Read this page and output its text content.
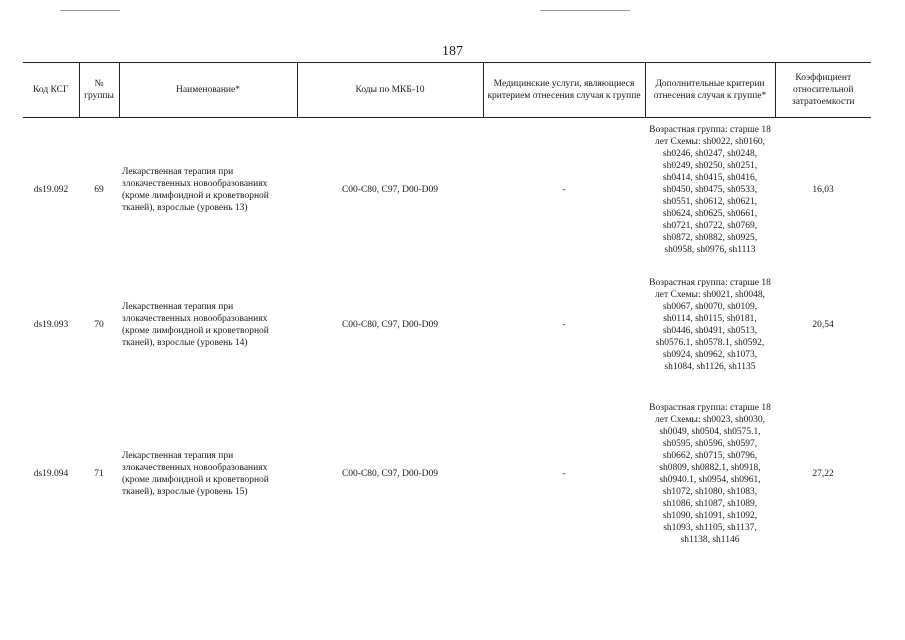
187
Код КСГ	№ группы	Наименование*	Коды по МКБ-10	Медицинские услуги, являющиеся критерием отнесения случая к группе	Дополнительные критерии отнесения случая к группе*	Коэффициент относительной затратоемкости
ds19.092	69	Лекарственная терапия при злокачественных новообразованиях (кроме лимфоидной и кроветворной тканей), взрослые (уровень 13)	C00-C80, C97, D00-D09	-	Возрастная группа: старше 18 лет Схемы: sh0022, sh0160, sh0246, sh0247, sh0248, sh0249, sh0250, sh0251, sh0414, sh0415, sh0416, sh0450, sh0475, sh0533, sh0551, sh0612, sh0621, sh0624, sh0625, sh0661, sh0721, sh0722, sh0769, sh0872, sh0882, sh0925, sh0958, sh0976, sh1113	16,03
ds19.093	70	Лекарственная терапия при злокачественных новообразованиях (кроме лимфоидной и кроветворной тканей), взрослые (уровень 14)	C00-C80, C97, D00-D09	-	Возрастная группа: старше 18 лет Схемы: sh0021, sh0048, sh0067, sh0070, sh0109, sh0114, sh0115, sh0181, sh0446, sh0491, sh0513, sh0576.1, sh0578.1, sh0592, sh0924, sh0962, sh1073, sh1084, sh1126, sh1135	20,54
ds19.094	71	Лекарственная терапия при злокачественных новообразованиях (кроме лимфоидной и кроветворной тканей), взрослые (уровень 15)	C00-C80, C97, D00-D09	-	Возрастная группа: старше 18 лет Схемы: sh0023, sh0030, sh0049, sh0504, sh0575.1, sh0595, sh0596, sh0597, sh0662, sh0715, sh0796, sh0809, sh0882.1, sh0918, sh0940.1, sh0954, sh0961, sh1072, sh1080, sh1083, sh1086, sh1087, sh1089, sh1090, sh1091, sh1092, sh1093, sh1105, sh1137, sh1138, sh1146	27,22
